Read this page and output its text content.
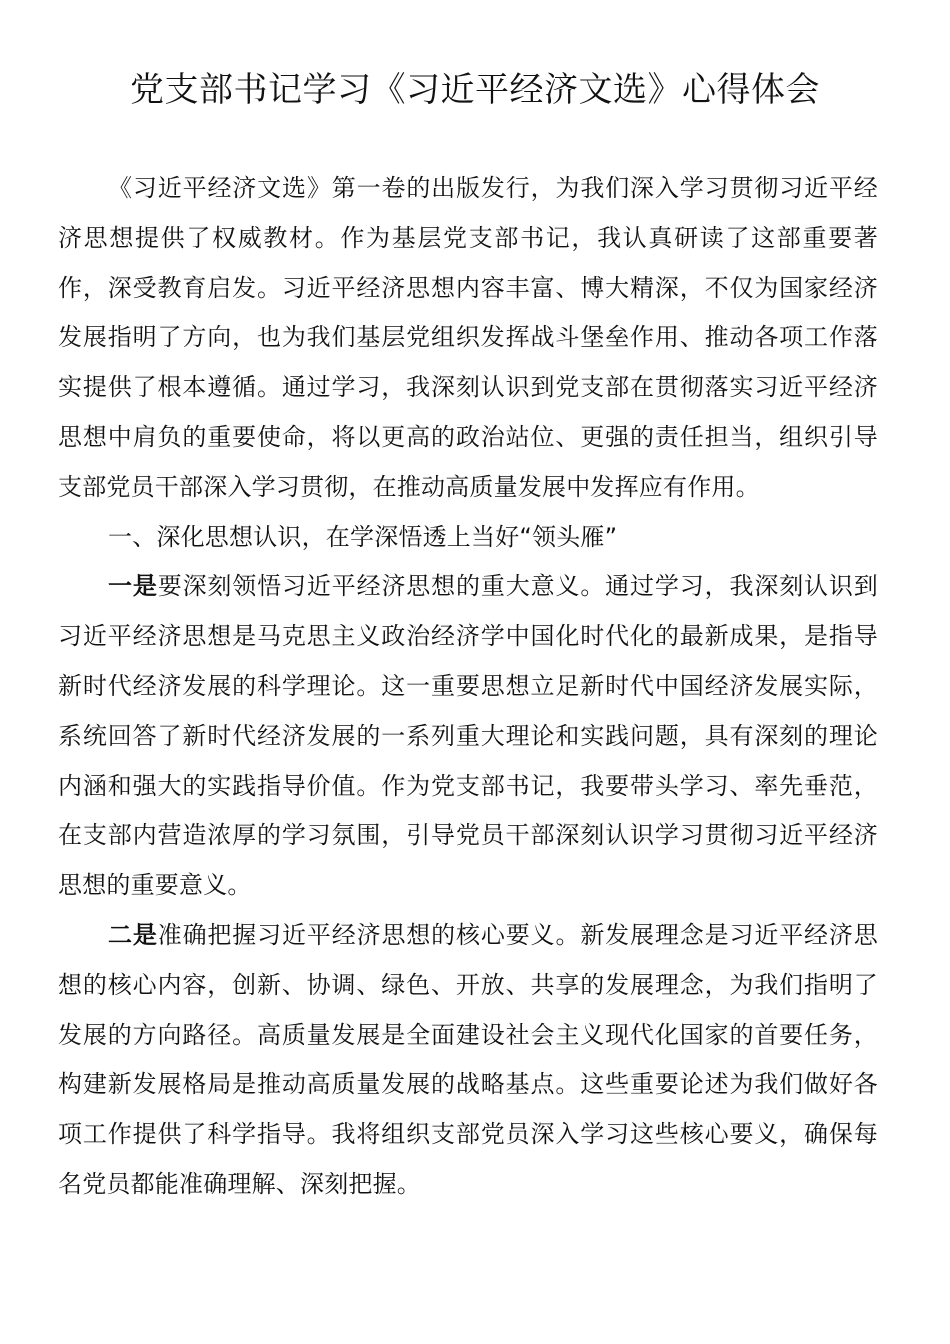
党支部书记学习《习近平经济文选》心得体会

《习近平经济文选》第一卷的出版发行，为我们深入学习贯彻习近平经济思想提供了权威教材。作为基层党支部书记，我认真研读了这部重要著作，深受教育启发。习近平经济思想内容丰富、博大精深，不仅为国家经济发展指明了方向，也为我们基层党组织发挥战斗堡垒作用、推动各项工作落实提供了根本遵循。通过学习，我深刻认识到党支部在贯彻落实习近平经济思想中肩负的重要使命，将以更高的政治站位、更强的责任担当，组织引导支部党员干部深入学习贯彻，在推动高质量发展中发挥应有作用。

一、深化思想认识，在学深悟透上当好“领头雁”

一是要深刻领悟习近平经济思想的重大意义。通过学习，我深刻认识到习近平经济思想是马克思主义政治经济学中国化时代化的最新成果，是指导新时代经济发展的科学理论。这一重要思想立足新时代中国经济发展实际，系统回答了新时代经济发展的一系列重大理论和实践问题，具有深刻的理论内涵和强大的实践指导价值。作为党支部书记，我要带头学习、率先垂范，在支部内营造浓厚的学习氛围，引导党员干部深刻认识学习贯彻习近平经济思想的重要意义。

二是准确把握习近平经济思想的核心要义。新发展理念是习近平经济思想的核心内容，创新、协调、绿色、开放、共享的发展理念，为我们指明了发展的方向路径。高质量发展是全面建设社会主义现代化国家的首要任务，构建新发展格局是推动高质量发展的战略基点。这些重要论述为我们做好各项工作提供了科学指导。我将组织支部党员深入学习这些核心要义，确保每名党员都能准确理解、深刻把握。
